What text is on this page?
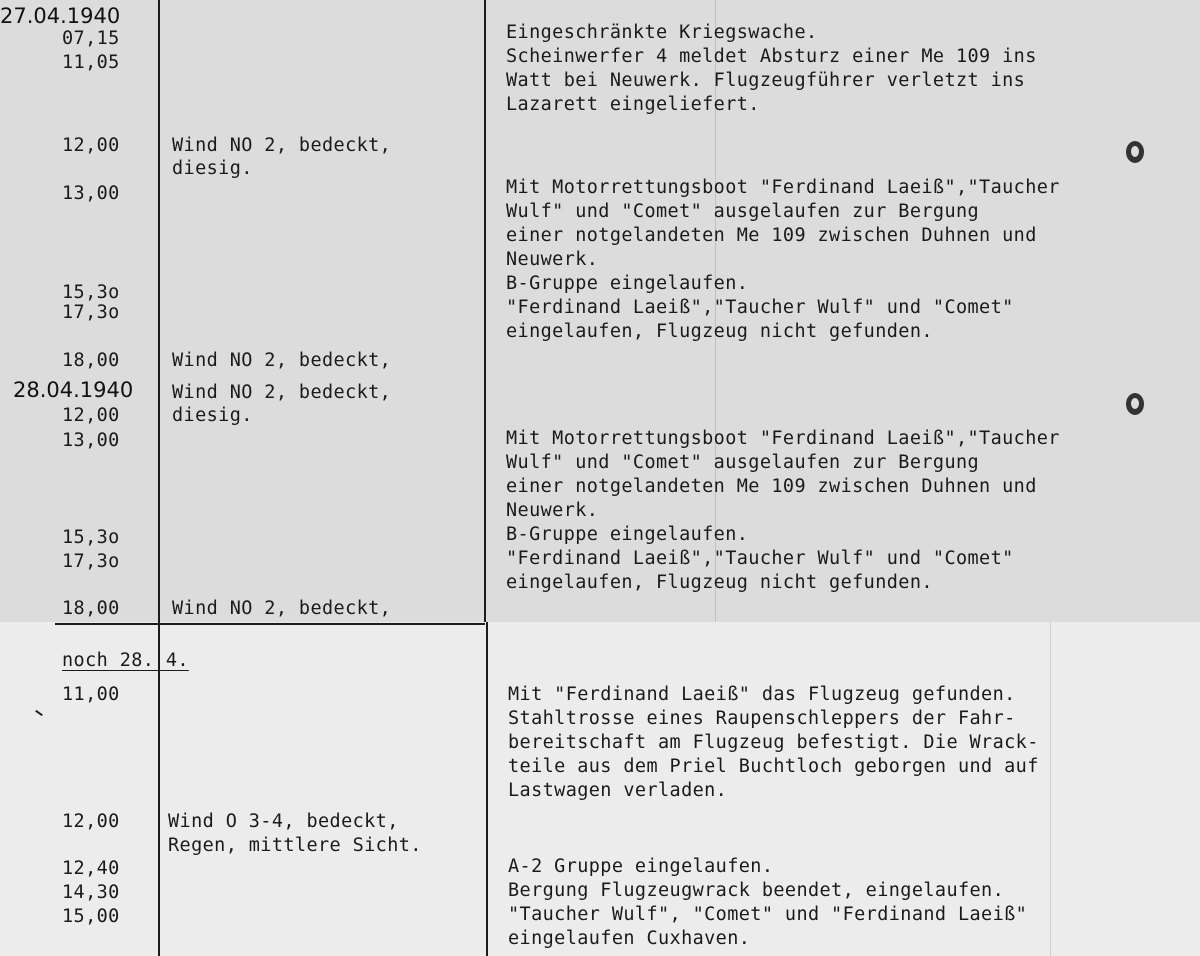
27.04.1940
07,15
11,05
12,00
13,00
15,3o
17,3o
18,00
Wind NO 2, bedeckt,
diesig.
Wind NO 2, bedeckt,
Eingeschränkte Kriegswache.
Scheinwerfer 4 meldet Absturz einer Me 109 ins
Watt bei Neuwerk. Flugzeugführer verletzt ins
Lazarett eingeliefert.
Mit Motorrettungsboot "Ferdinand Laeiß","Taucher
Wulf" und "Comet" ausgelaufen zur Bergung
einer notgelandeten Me 109 zwischen Duhnen und
Neuwerk.
B-Gruppe eingelaufen.
"Ferdinand Laeiß","Taucher Wulf" und "Comet"
eingelaufen, Flugzeug nicht gefunden.
28.04.1940
12,00
13,00
15,3o
17,3o
18,00
Wind NO 2, bedeckt,
diesig.
Wind NO 2, bedeckt,
Mit Motorrettungsboot "Ferdinand Laeiß","Taucher
Wulf" und "Comet" ausgelaufen zur Bergung
einer notgelandeten Me 109 zwischen Duhnen und
Neuwerk.
B-Gruppe eingelaufen.
"Ferdinand Laeiß","Taucher Wulf" und "Comet"
eingelaufen, Flugzeug nicht gefunden.
noch 28. 4.
11,00
12,00
12,40
14,30
15,00
Wind O 3-4, bedeckt,
Regen, mittlere Sicht.
Mit "Ferdinand Laeiß" das Flugzeug gefunden.
Stahltrosse eines Raupenschleppers der Fahr-
bereitschaft am Flugzeug befestigt. Die Wrack-
teile aus dem Priel Buchtloch geborgen und auf
Lastwagen verladen.
A-2 Gruppe eingelaufen.
Bergung Flugzeugwrack beendet, eingelaufen.
"Taucher Wulf", "Comet" und "Ferdinand Laeiß"
eingelaufen Cuxhaven.
